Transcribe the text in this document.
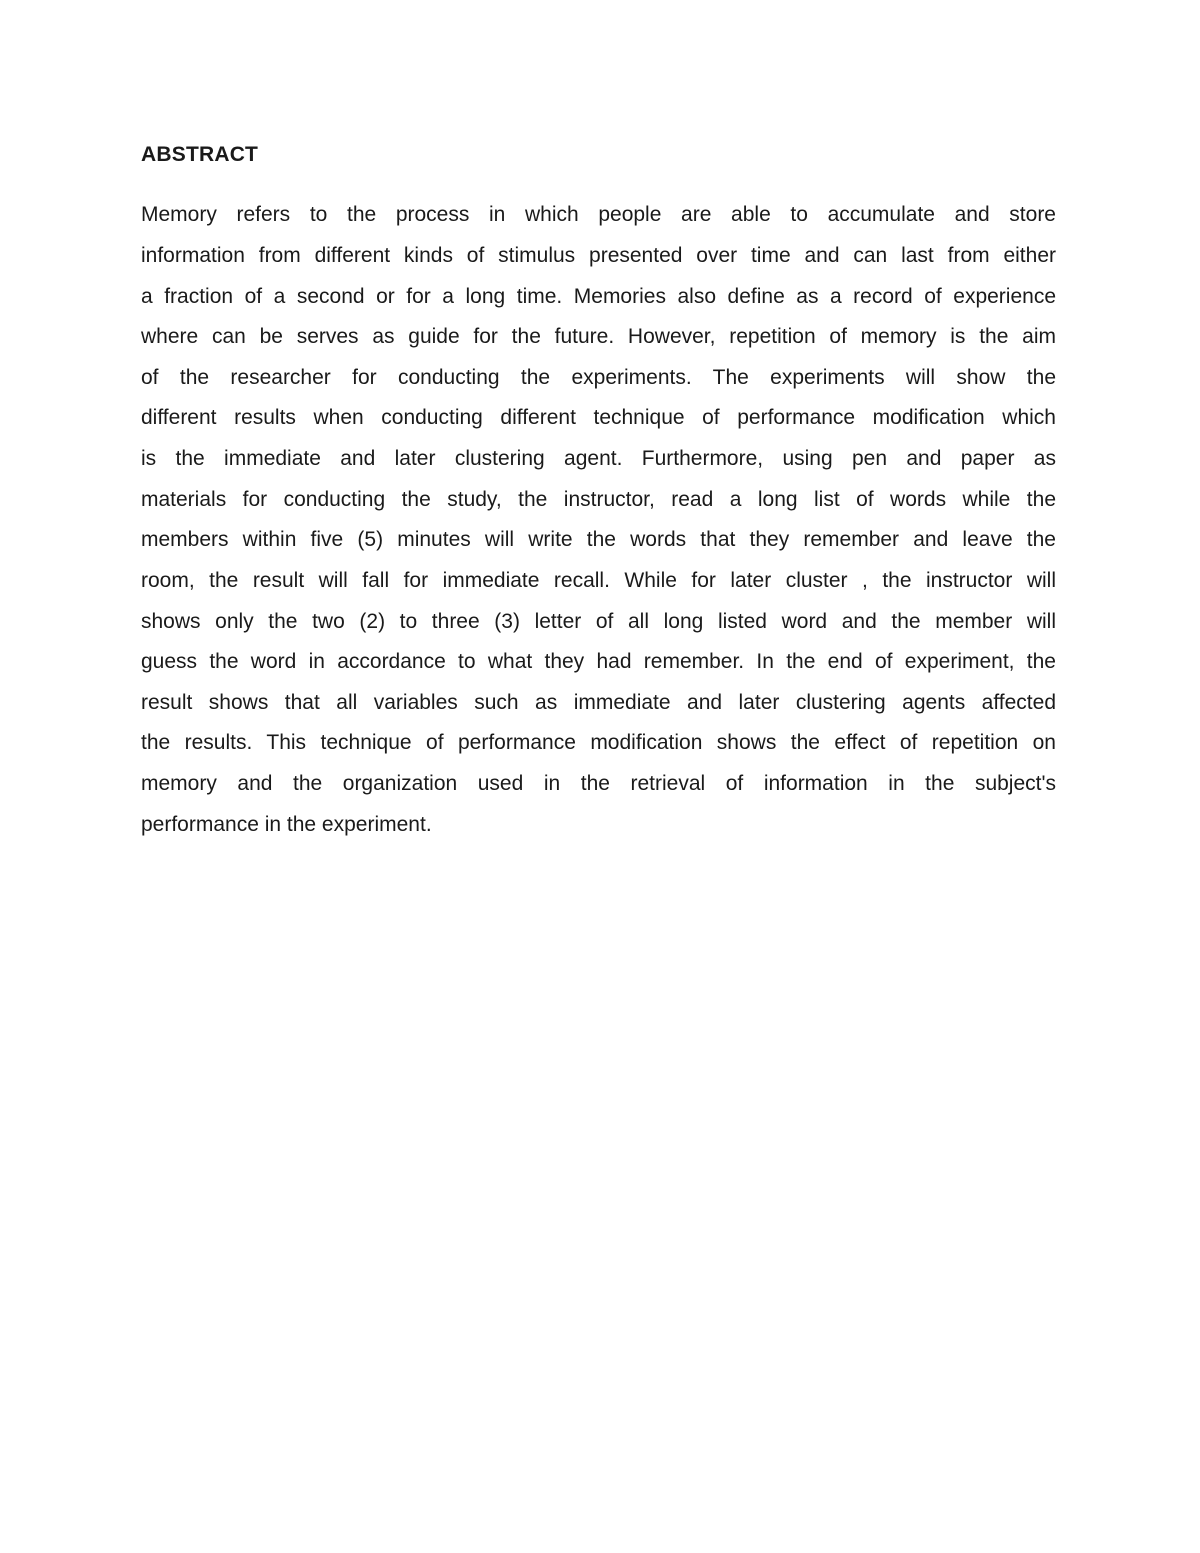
ABSTRACT
Memory refers to the process in which people are able to accumulate and store
information from different kinds of stimulus presented over time and can last from either
a fraction of a second or for a long time. Memories also define as a record of experience
where can be serves as guide for the future. However, repetition of memory is the aim
of the researcher for conducting the experiments. The experiments will show the
different results when conducting different technique of performance modification which
is the immediate and later clustering agent. Furthermore, using pen and paper as
materials for conducting the study, the instructor, read a long list of words while the
members within five (5) minutes will write the words that they remember and leave the
room, the result will fall for immediate recall. While for later cluster , the instructor will
shows only the two (2) to three (3) letter of all long listed word and the member will
guess the word in accordance to what they had remember. In the end of experiment, the
result shows that all variables such as immediate and later clustering agents affected
the results. This technique of performance modification shows the effect of repetition on
memory and the organization used in the retrieval of information in the subject's
performance in the experiment.
